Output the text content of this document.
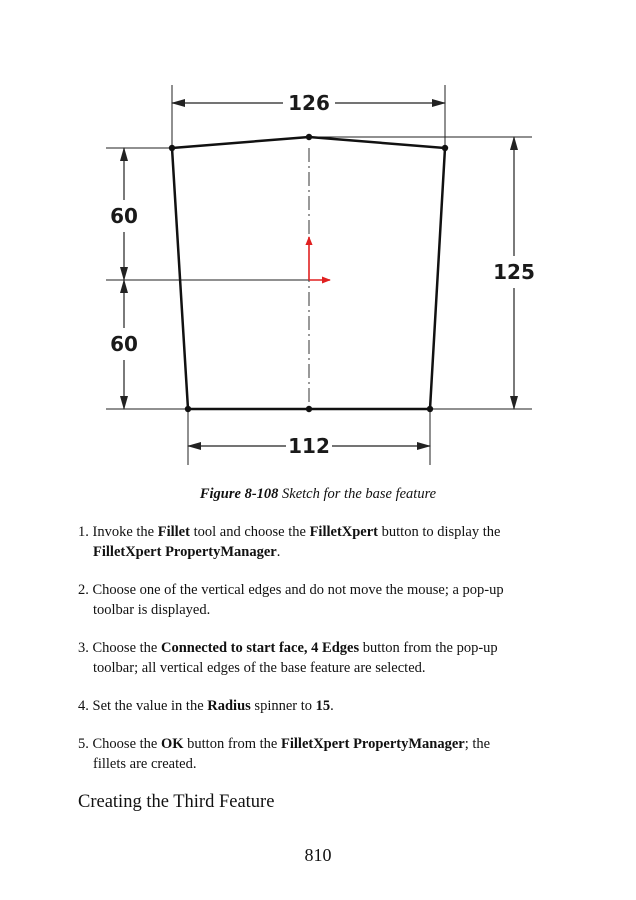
126
112
60
60
125
Figure 8-108 Sketch for the base feature
1. Invoke the Fillet tool and choose the FilletXpert button to display the
FilletXpert PropertyManager.
2. Choose one of the vertical edges and do not move the mouse; a pop-up
toolbar is displayed.
3. Choose the Connected to start face, 4 Edges button from the pop-up
toolbar; all vertical edges of the base feature are selected.
4. Set the value in the Radius spinner to 15.
5. Choose the OK button from the FilletXpert PropertyManager; the
fillets are created.
Creating the Third Feature
810
